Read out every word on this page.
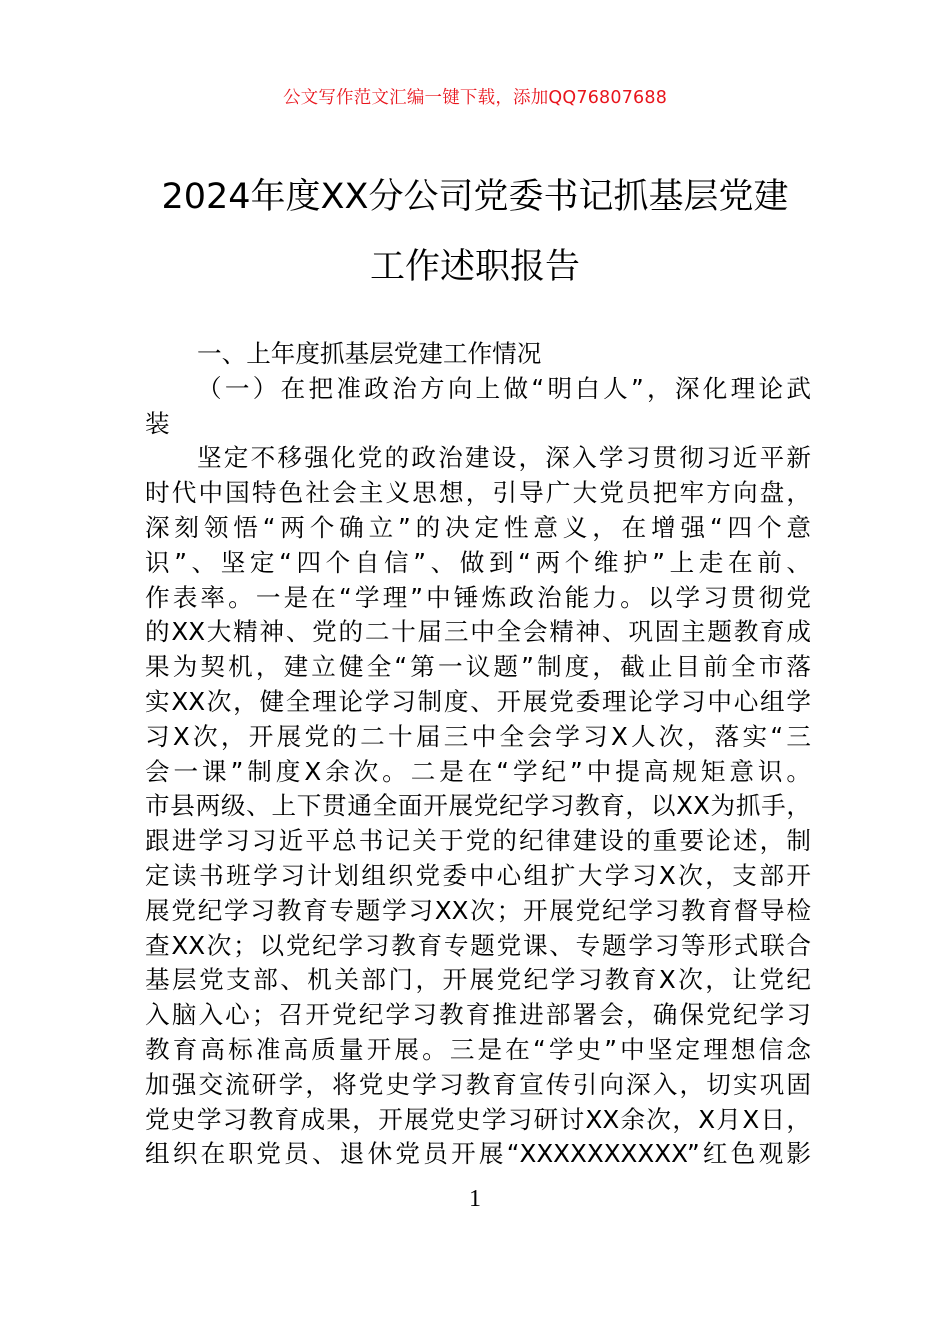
公文写作范文汇编一键下载，添加QQ76807688
2024年度XX分公司党委书记抓基层党建
工作述职报告
一、上年度抓基层党建工作情况
（一）在把准政治方向上做“明白人”，深化理论武
装
坚定不移强化党的政治建设，深入学习贯彻习近平新
时代中国特色社会主义思想，引导广大党员把牢方向盘，
深刻领悟“两个确立”的决定性意义，在增强“四个意
识”、坚定“四个自信”、做到“两个维护”上走在前、
作表率。一是在“学理”中锤炼政治能力。以学习贯彻党
的XX大精神、党的二十届三中全会精神、巩固主题教育成
果为契机，建立健全“第一议题”制度，截止目前全市落
实XX次，健全理论学习制度、开展党委理论学习中心组学
习X次，开展党的二十届三中全会学习X人次，落实“三
会一课”制度X余次。二是在“学纪”中提高规矩意识。
市县两级、上下贯通全面开展党纪学习教育，以XX为抓手，
跟进学习习近平总书记关于党的纪律建设的重要论述，制
定读书班学习计划组织党委中心组扩大学习X次，支部开
展党纪学习教育专题学习XX次；开展党纪学习教育督导检
查XX次；以党纪学习教育专题党课、专题学习等形式联合
基层党支部、机关部门，开展党纪学习教育X次，让党纪
入脑入心；召开党纪学习教育推进部署会，确保党纪学习
教育高标准高质量开展。三是在“学史”中坚定理想信念
加强交流研学，将党史学习教育宣传引向深入，切实巩固
党史学习教育成果，开展党史学习研讨XX余次，X月X日，
组织在职党员、退休党员开展“XXXXXXXXXX”红色观影
1
